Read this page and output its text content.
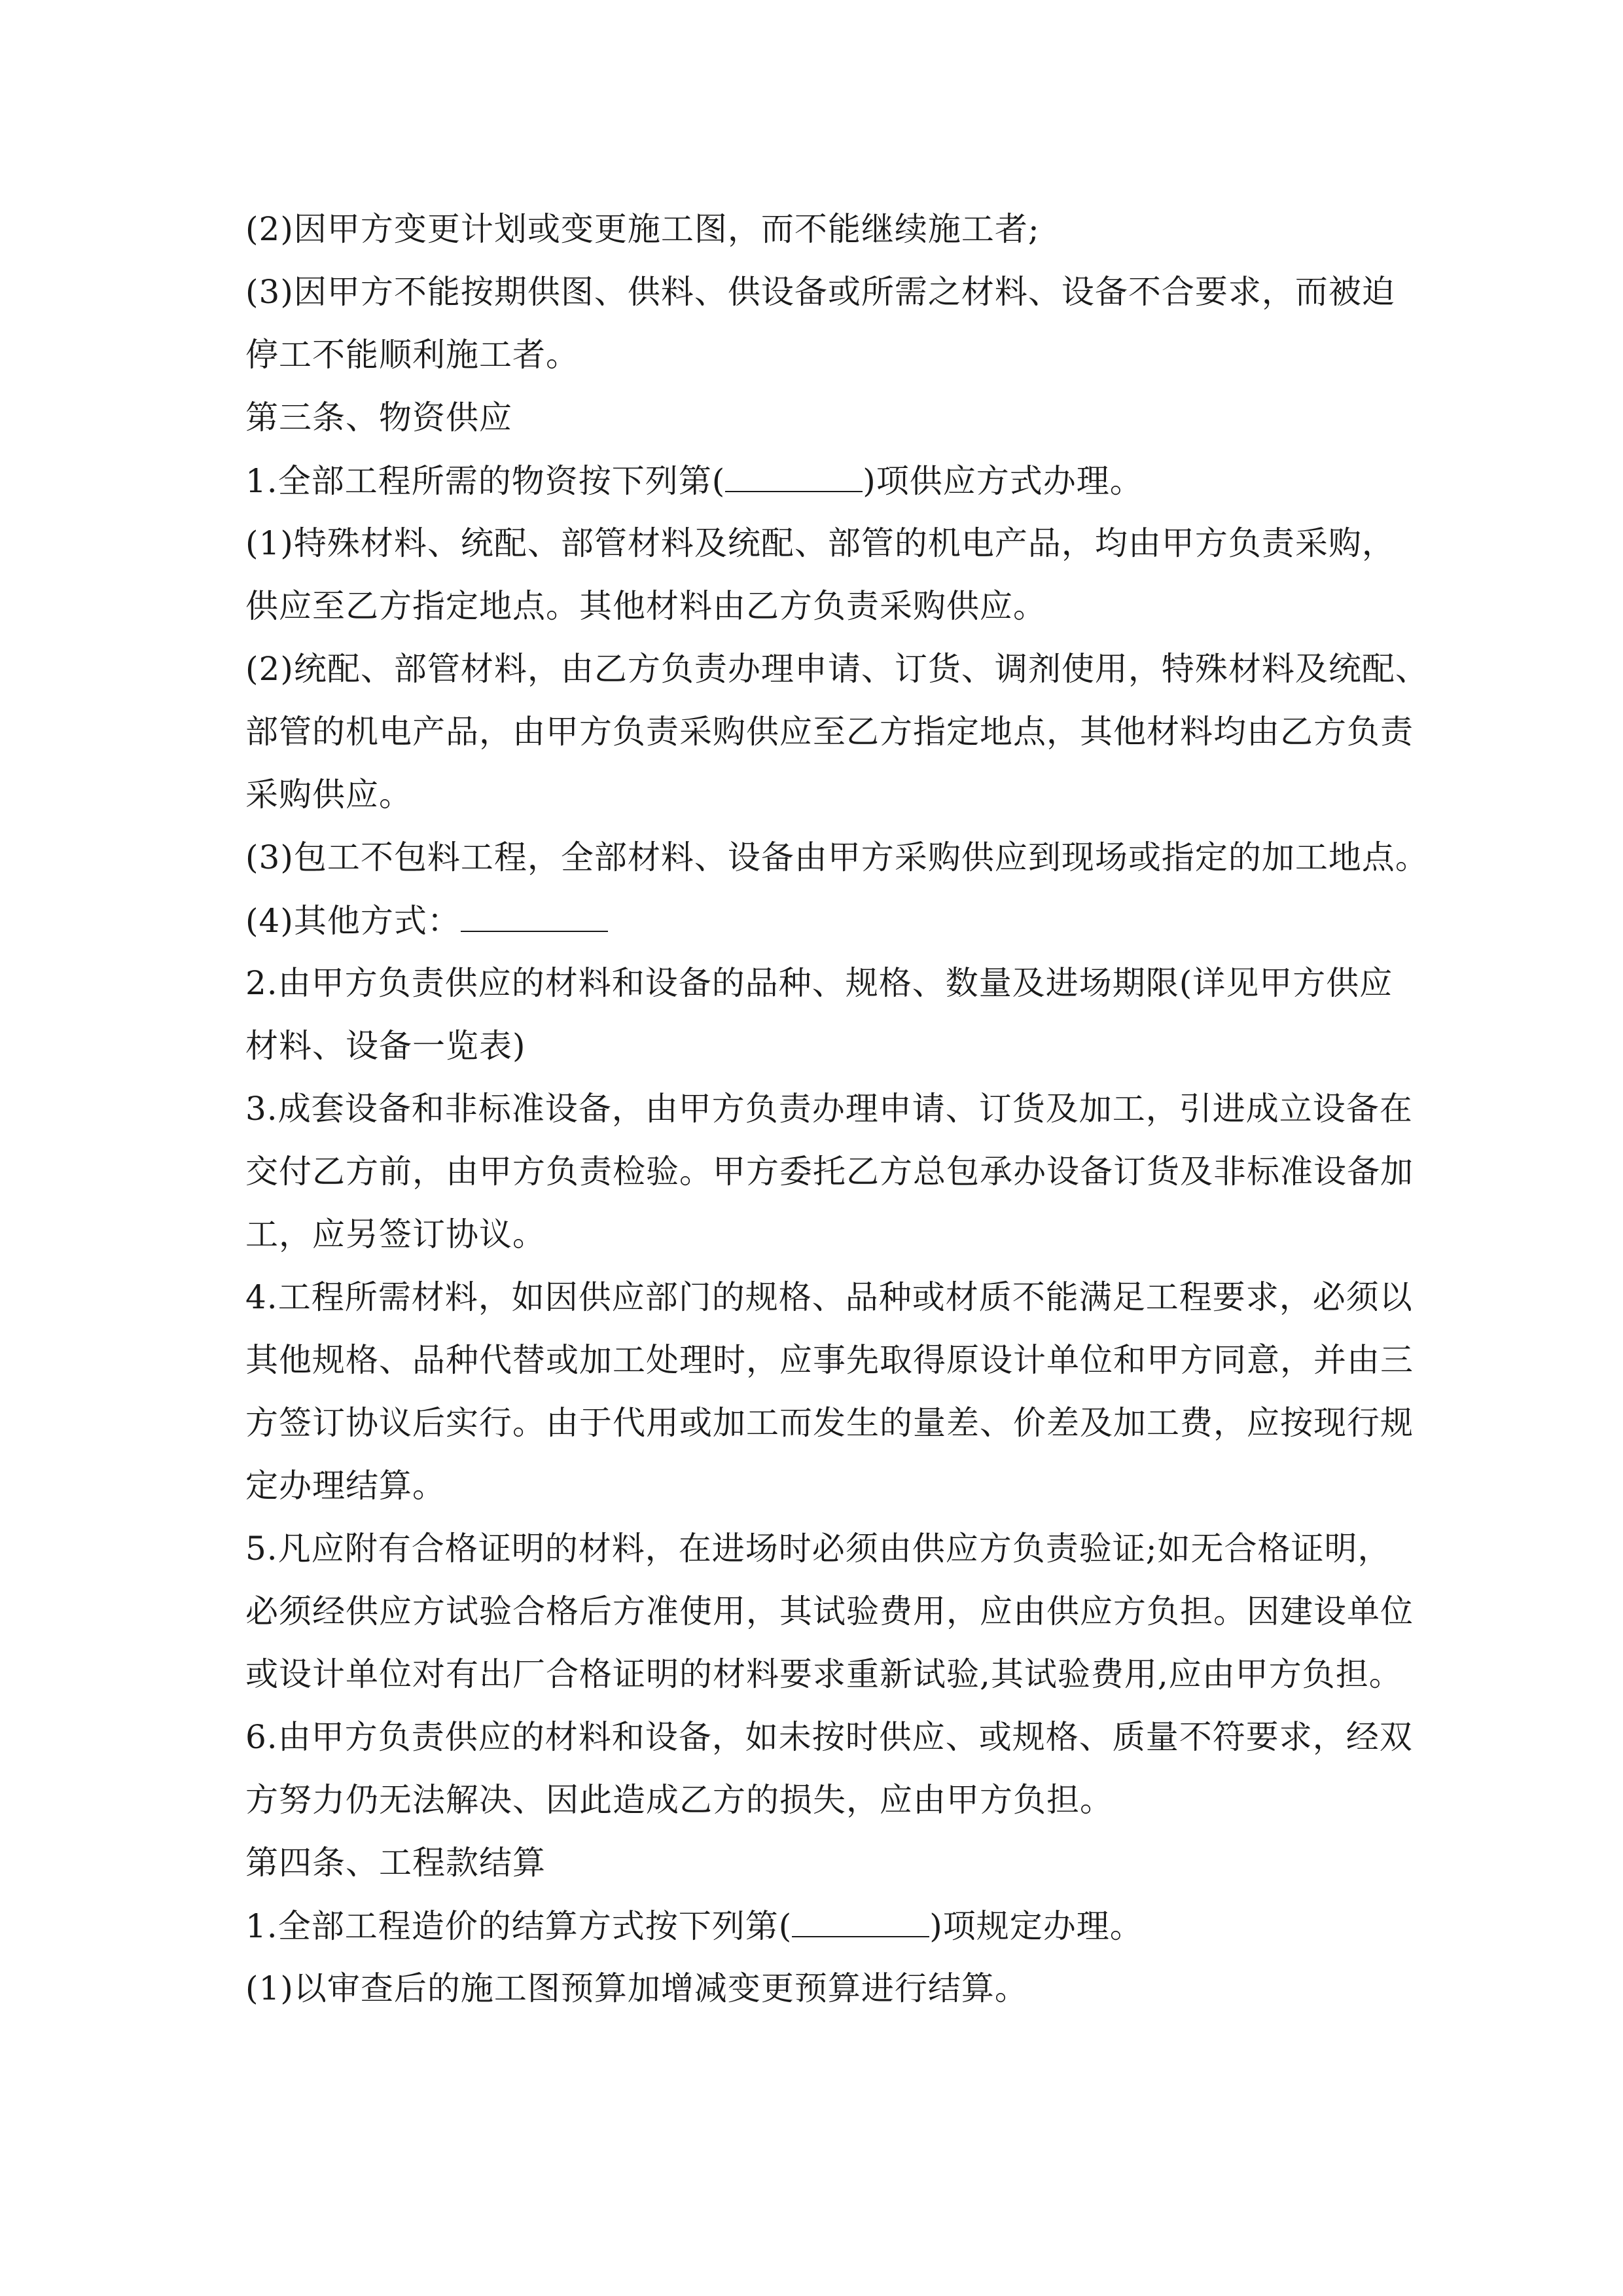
(2)因甲方变更计划或变更施工图，而不能继续施工者;
(3)因甲方不能按期供图、供料、供设备或所需之材料、设备不合要求，而被迫
停工不能顺利施工者。
第三条、物资供应
1.全部工程所需的物资按下列第(	)项供应方式办理。
(1)特殊材料、统配、部管材料及统配、部管的机电产品，均由甲方负责采购，
供应至乙方指定地点。其他材料由乙方负责采购供应。
(2)统配、部管材料，由乙方负责办理申请、订货、调剂使用，特殊材料及统配、
部管的机电产品，由甲方负责采购供应至乙方指定地点，其他材料均由乙方负责
采购供应。
(3)包工不包料工程，全部材料、设备由甲方采购供应到现场或指定的加工地点。
(4)其他方式：
2.由甲方负责供应的材料和设备的品种、规格、数量及进场期限(详见甲方供应
材料、设备一览表)
3.成套设备和非标准设备，由甲方负责办理申请、订货及加工，引进成立设备在
交付乙方前，由甲方负责检验。甲方委托乙方总包承办设备订货及非标准设备加
工，应另签订协议。
4.工程所需材料，如因供应部门的规格、品种或材质不能满足工程要求，必须以
其他规格、品种代替或加工处理时，应事先取得原设计单位和甲方同意，并由三
方签订协议后实行。由于代用或加工而发生的量差、价差及加工费，应按现行规
定办理结算。
5.凡应附有合格证明的材料，在进场时必须由供应方负责验证;如无合格证明，
必须经供应方试验合格后方准使用，其试验费用，应由供应方负担。因建设单位
或设计单位对有出厂合格证明的材料要求重新试验,其试验费用,应由甲方负担。
6.由甲方负责供应的材料和设备，如未按时供应、或规格、质量不符要求，经双
方努力仍无法解决、因此造成乙方的损失，应由甲方负担。
第四条、工程款结算
1.全部工程造价的结算方式按下列第(	)项规定办理。
(1)以审查后的施工图预算加增减变更预算进行结算。
